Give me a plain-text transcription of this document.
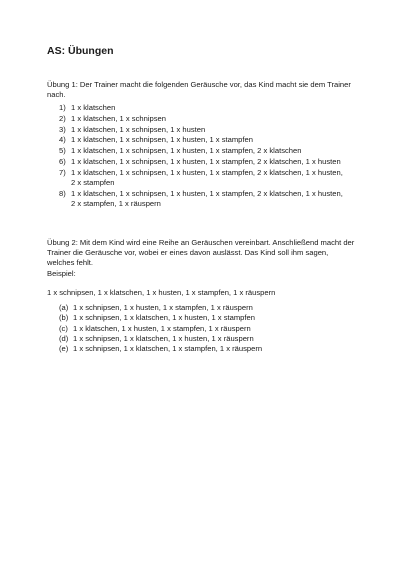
AS: Übungen

Übung 1: Der Trainer macht die folgenden Geräusche vor, das Kind macht sie dem Trainer nach.

1) 1 x klatschen
2) 1 x klatschen, 1 x schnipsen
3) 1 x klatschen, 1 x schnipsen, 1 x husten
4) 1 x klatschen, 1 x schnipsen, 1 x husten, 1 x stampfen
5) 1 x klatschen, 1 x schnipsen, 1 x husten, 1 x stampfen, 2 x klatschen
6) 1 x klatschen, 1 x schnipsen, 1 x husten, 1 x stampfen, 2 x klatschen, 1 x husten
7) 1 x klatschen, 1 x schnipsen, 1 x husten, 1 x stampfen, 2 x klatschen, 1 x husten, 2 x stampfen
8) 1 x klatschen, 1 x schnipsen, 1 x husten, 1 x stampfen, 2 x klatschen, 1 x husten, 2 x stampfen, 1 x räuspern

Übung 2: Mit dem Kind wird eine Reihe an Geräuschen vereinbart. Anschließend macht der Trainer die Geräusche vor, wobei er eines davon auslässt. Das Kind soll ihm sagen, welches fehlt.

Beispiel:

1 x schnipsen, 1 x klatschen, 1 x husten, 1 x stampfen, 1 x räuspern

(a) 1 x schnipsen, 1 x husten, 1 x stampfen, 1 x räuspern
(b) 1 x schnipsen, 1 x klatschen, 1 x husten, 1 x stampfen
(c) 1 x klatschen, 1 x husten, 1 x stampfen, 1 x räuspern
(d) 1 x schnipsen, 1 x klatschen, 1 x husten, 1 x räuspern
(e) 1 x schnipsen, 1 x klatschen, 1 x stampfen, 1 x räuspern
